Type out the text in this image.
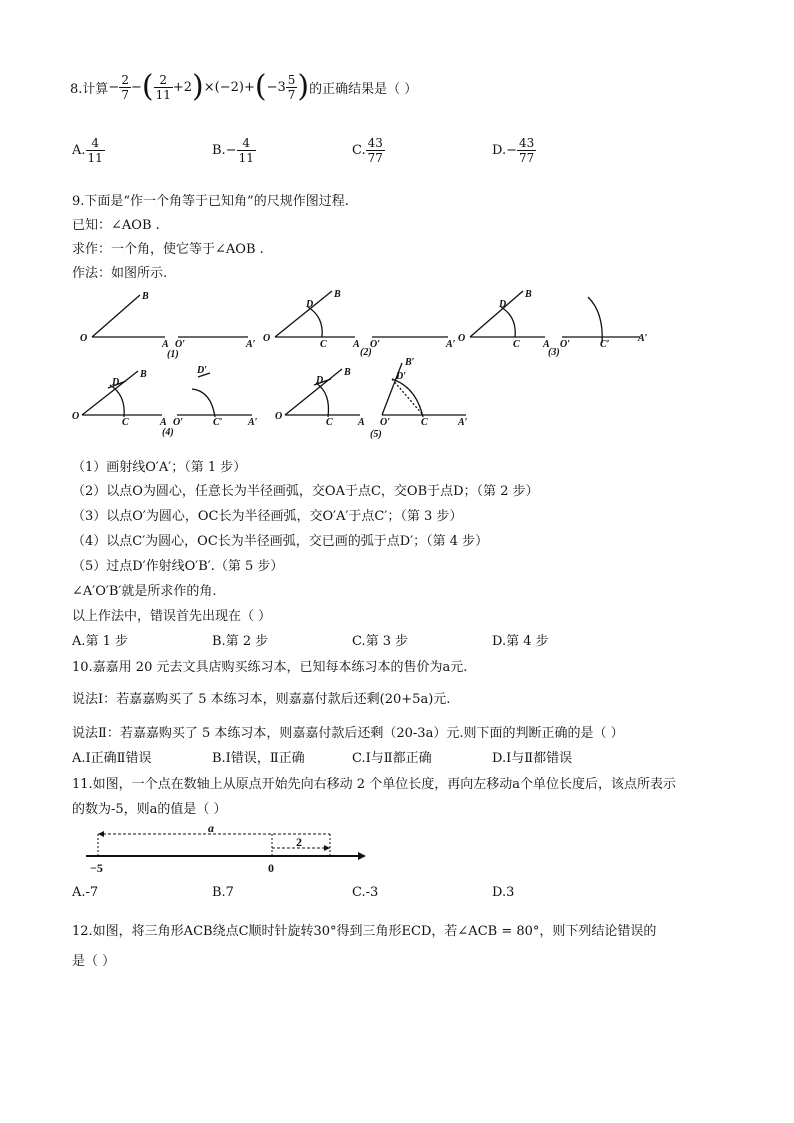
8.计算 − $\frac{2}{7}$ − ( $\frac{2}{11} +2$ ) ×(−2)+ ( $-3 \frac{5}{7}$ ) 的正确结果是（ ）
A. $\frac{4}{11}$	B. − $\frac{4}{11}$	C. $\frac{43}{77}$	D. − $\frac{43}{77}$
9.下面是“作一个角等于已知角”的尺规作图过程.
已知：∠AOB .
求作：一个角，使它等于∠AOB .
作法：如图所示.
O
A
B
O′	A′
(1)
O
A
B
D
C	O′	A′
(2)
O
A
B
D
C	O′	C′
A′
(3)
O
A
B
D
C	O′
D′
C′	A′
(4)
O
A
B
D
C	O′
D′
B′
C	A′
(5)
（1）画射线O′A′；（第 1 步）
（2）以点O为圆心，任意长为半径画弧，交OA于点C，交OB于点D；（第 2 步）
（3）以点O′为圆心，OC长为半径画弧，交O′A′于点C′；（第 3 步）
（4）以点C′为圆心，OC长为半径画弧，交已画的弧于点D′；（第 4 步）
（5）过点D′作射线O′B′.（第 5 步）
∠A′O′B′就是所求作的角.
以上作法中，错误首先出现在（ ）
A.第 1 步	B.第 2 步	C.第 3 步	D.第 4 步
10.嘉嘉用 20 元去文具店购买练习本，已知每本练习本的售价为a元.
说法Ⅰ：若嘉嘉购买了 5 本练习本，则嘉嘉付款后还剩(20+5a)元.
说法Ⅱ：若嘉嘉购买了 5 本练习本，则嘉嘉付款后还剩（20-3a）元.则下面的判断正确的是（ ）
A.Ⅰ正确Ⅱ错误	B.Ⅰ错误，Ⅱ正确	C.Ⅰ与Ⅱ都正确	D.Ⅰ与Ⅱ都错误
11.如图，一个点在数轴上从原点开始先向右移动 2 个单位长度，再向左移动a个单位长度后，该点所表示
的数为-5，则a的值是（ ）
a
2
−5	0
A.-7	B.7	C.-3	D.3
12.如图，将三角形ACB绕点C顺时针旋转30°得到三角形ECD，若∠ACB = 80°，则下列结论错误的
是（ ）
